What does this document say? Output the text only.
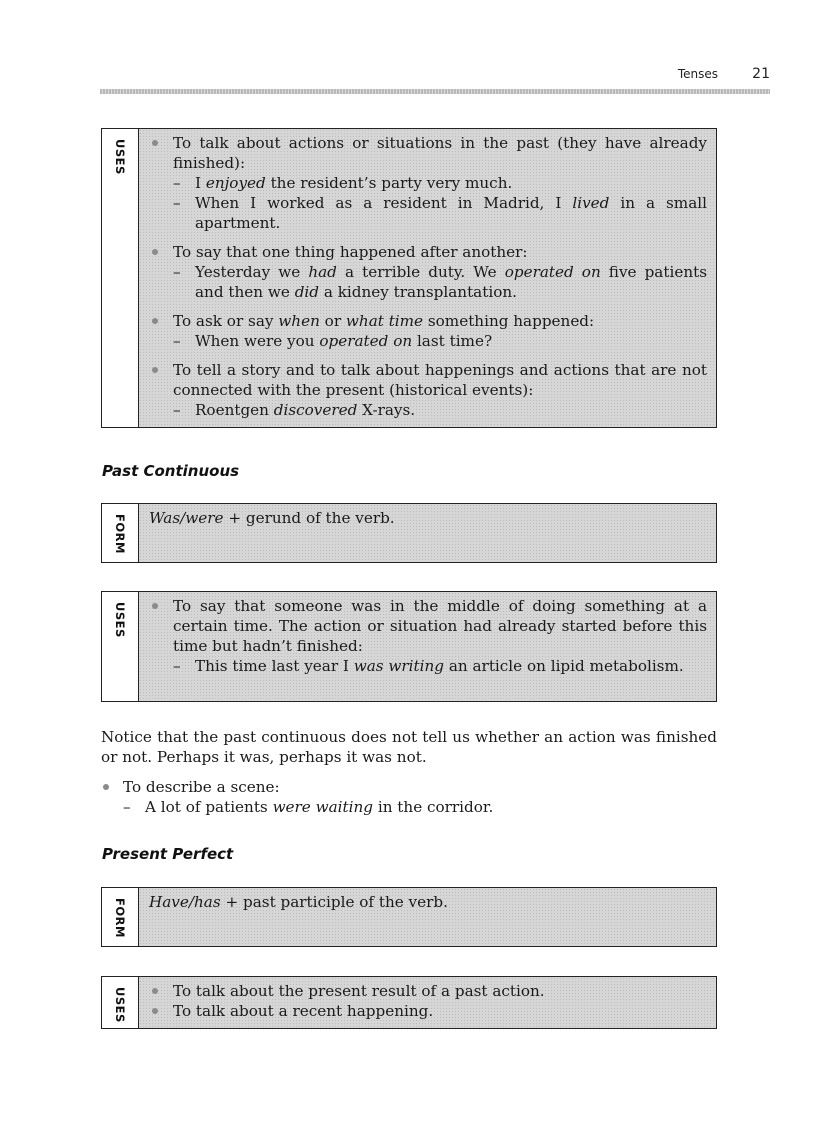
Tenses 21
USES	To talk about actions or situations in the past (they have already finished):
– I enjoyed the resident’s party very much.
– When I worked as a resident in Madrid, I lived in a small apartment.
To say that one thing happened after another:
– Yesterday we had a terrible duty. We operated on five patients and then we did a kidney transplantation.
To ask or say when or what time something happened:
– When were you operated on last time?
To tell a story and to talk about happenings and actions that are not connected with the present (historical events):
– Roentgen discovered X-rays.
Past Continuous
FORM Was/were + gerund of the verb.
USES	To say that someone was in the middle of doing something at a certain time. The action or situation had already started before this time but hadn’t finished:
– This time last year I was writing an article on lipid metabolism.
Notice that the past continuous does not tell us whether an action was finished or not. Perhaps it was, perhaps it was not.
To describe a scene:
– A lot of patients were waiting in the corridor.
Present Perfect
FORM Have/has + past participle of the verb.
USES	To talk about the present result of a past action.
To talk about a recent happening.
